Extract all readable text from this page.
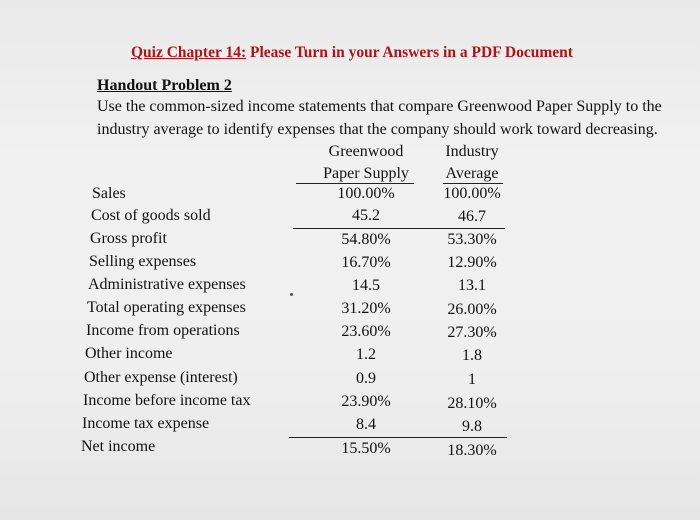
Quiz Chapter 14: Please Turn in your Answers in a PDF Document
Handout Problem 2
Use the common-sized income statements that compare Greenwood Paper Supply to the
industry average to identify expenses that the company should work toward decreasing.
Greenwood
Paper Supply
Industry
Average
Sales	100.00%	100.00%
Cost of goods sold	45.2	46.7
Gross profit	54.80%	53.30%
Selling expenses	16.70%	12.90%
Administrative expenses	14.5	13.1
Total operating expenses	31.20%	26.00%
Income from operations	23.60%	27.30%
Other income	1.2	1.8
Other expense (interest)	0.9	1
Income before income tax	23.90%	28.10%
Income tax expense	8.4	9.8
Net income	15.50%	18.30%
